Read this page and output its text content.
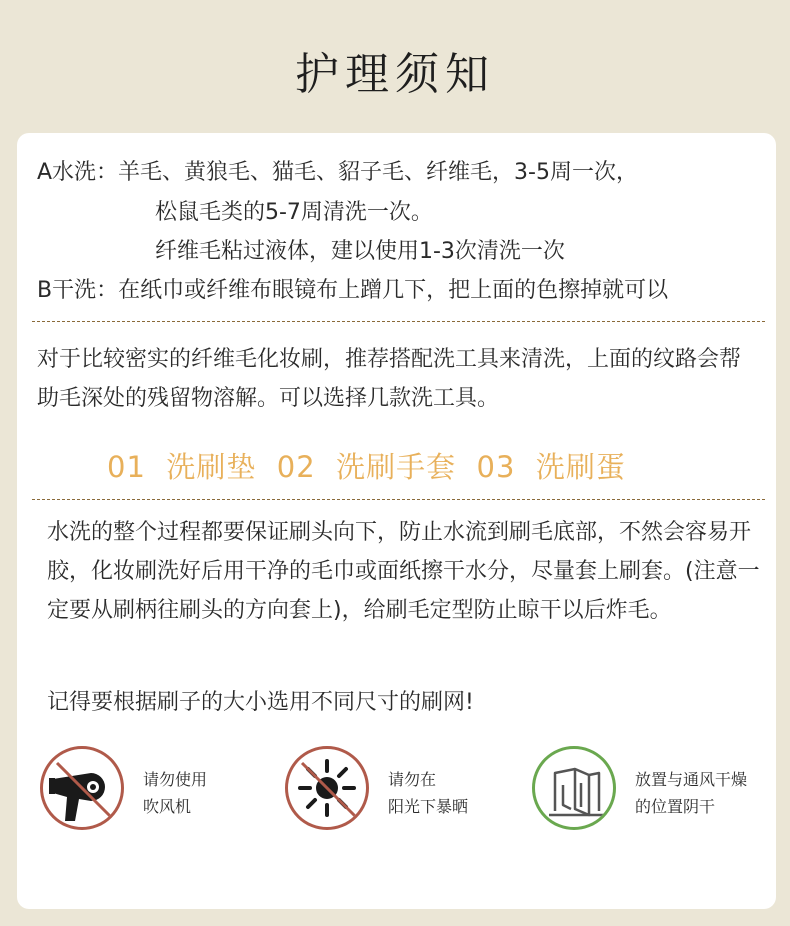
护理须知
A水洗：羊毛、黄狼毛、猫毛、貂子毛、纤维毛，3-5周一次，
松鼠毛类的5-7周清洗一次。
纤维毛粘过液体，建以使用1-3次清洗一次
B干洗：在纸巾或纤维布眼镜布上蹭几下，把上面的色擦掉就可以
对于比较密实的纤维毛化妆刷，推荐搭配洗工具来清洗，上面的纹路会帮助毛深处的残留物溶解。可以选择几款洗工具。
01  洗刷垫  02  洗刷手套  03  洗刷蛋
水洗的整个过程都要保证刷头向下，防止水流到刷毛底部，不然会容易开胶，化妆刷洗好后用干净的毛巾或面纸擦干水分，尽量套上刷套。(注意一定要从刷柄往刷头的方向套上)，给刷毛定型防止晾干以后炸毛。
记得要根据刷子的大小选用不同尺寸的刷网!
请勿使用
吹风机
请勿在
阳光下暴晒
放置与通风干燥
的位置阴干
